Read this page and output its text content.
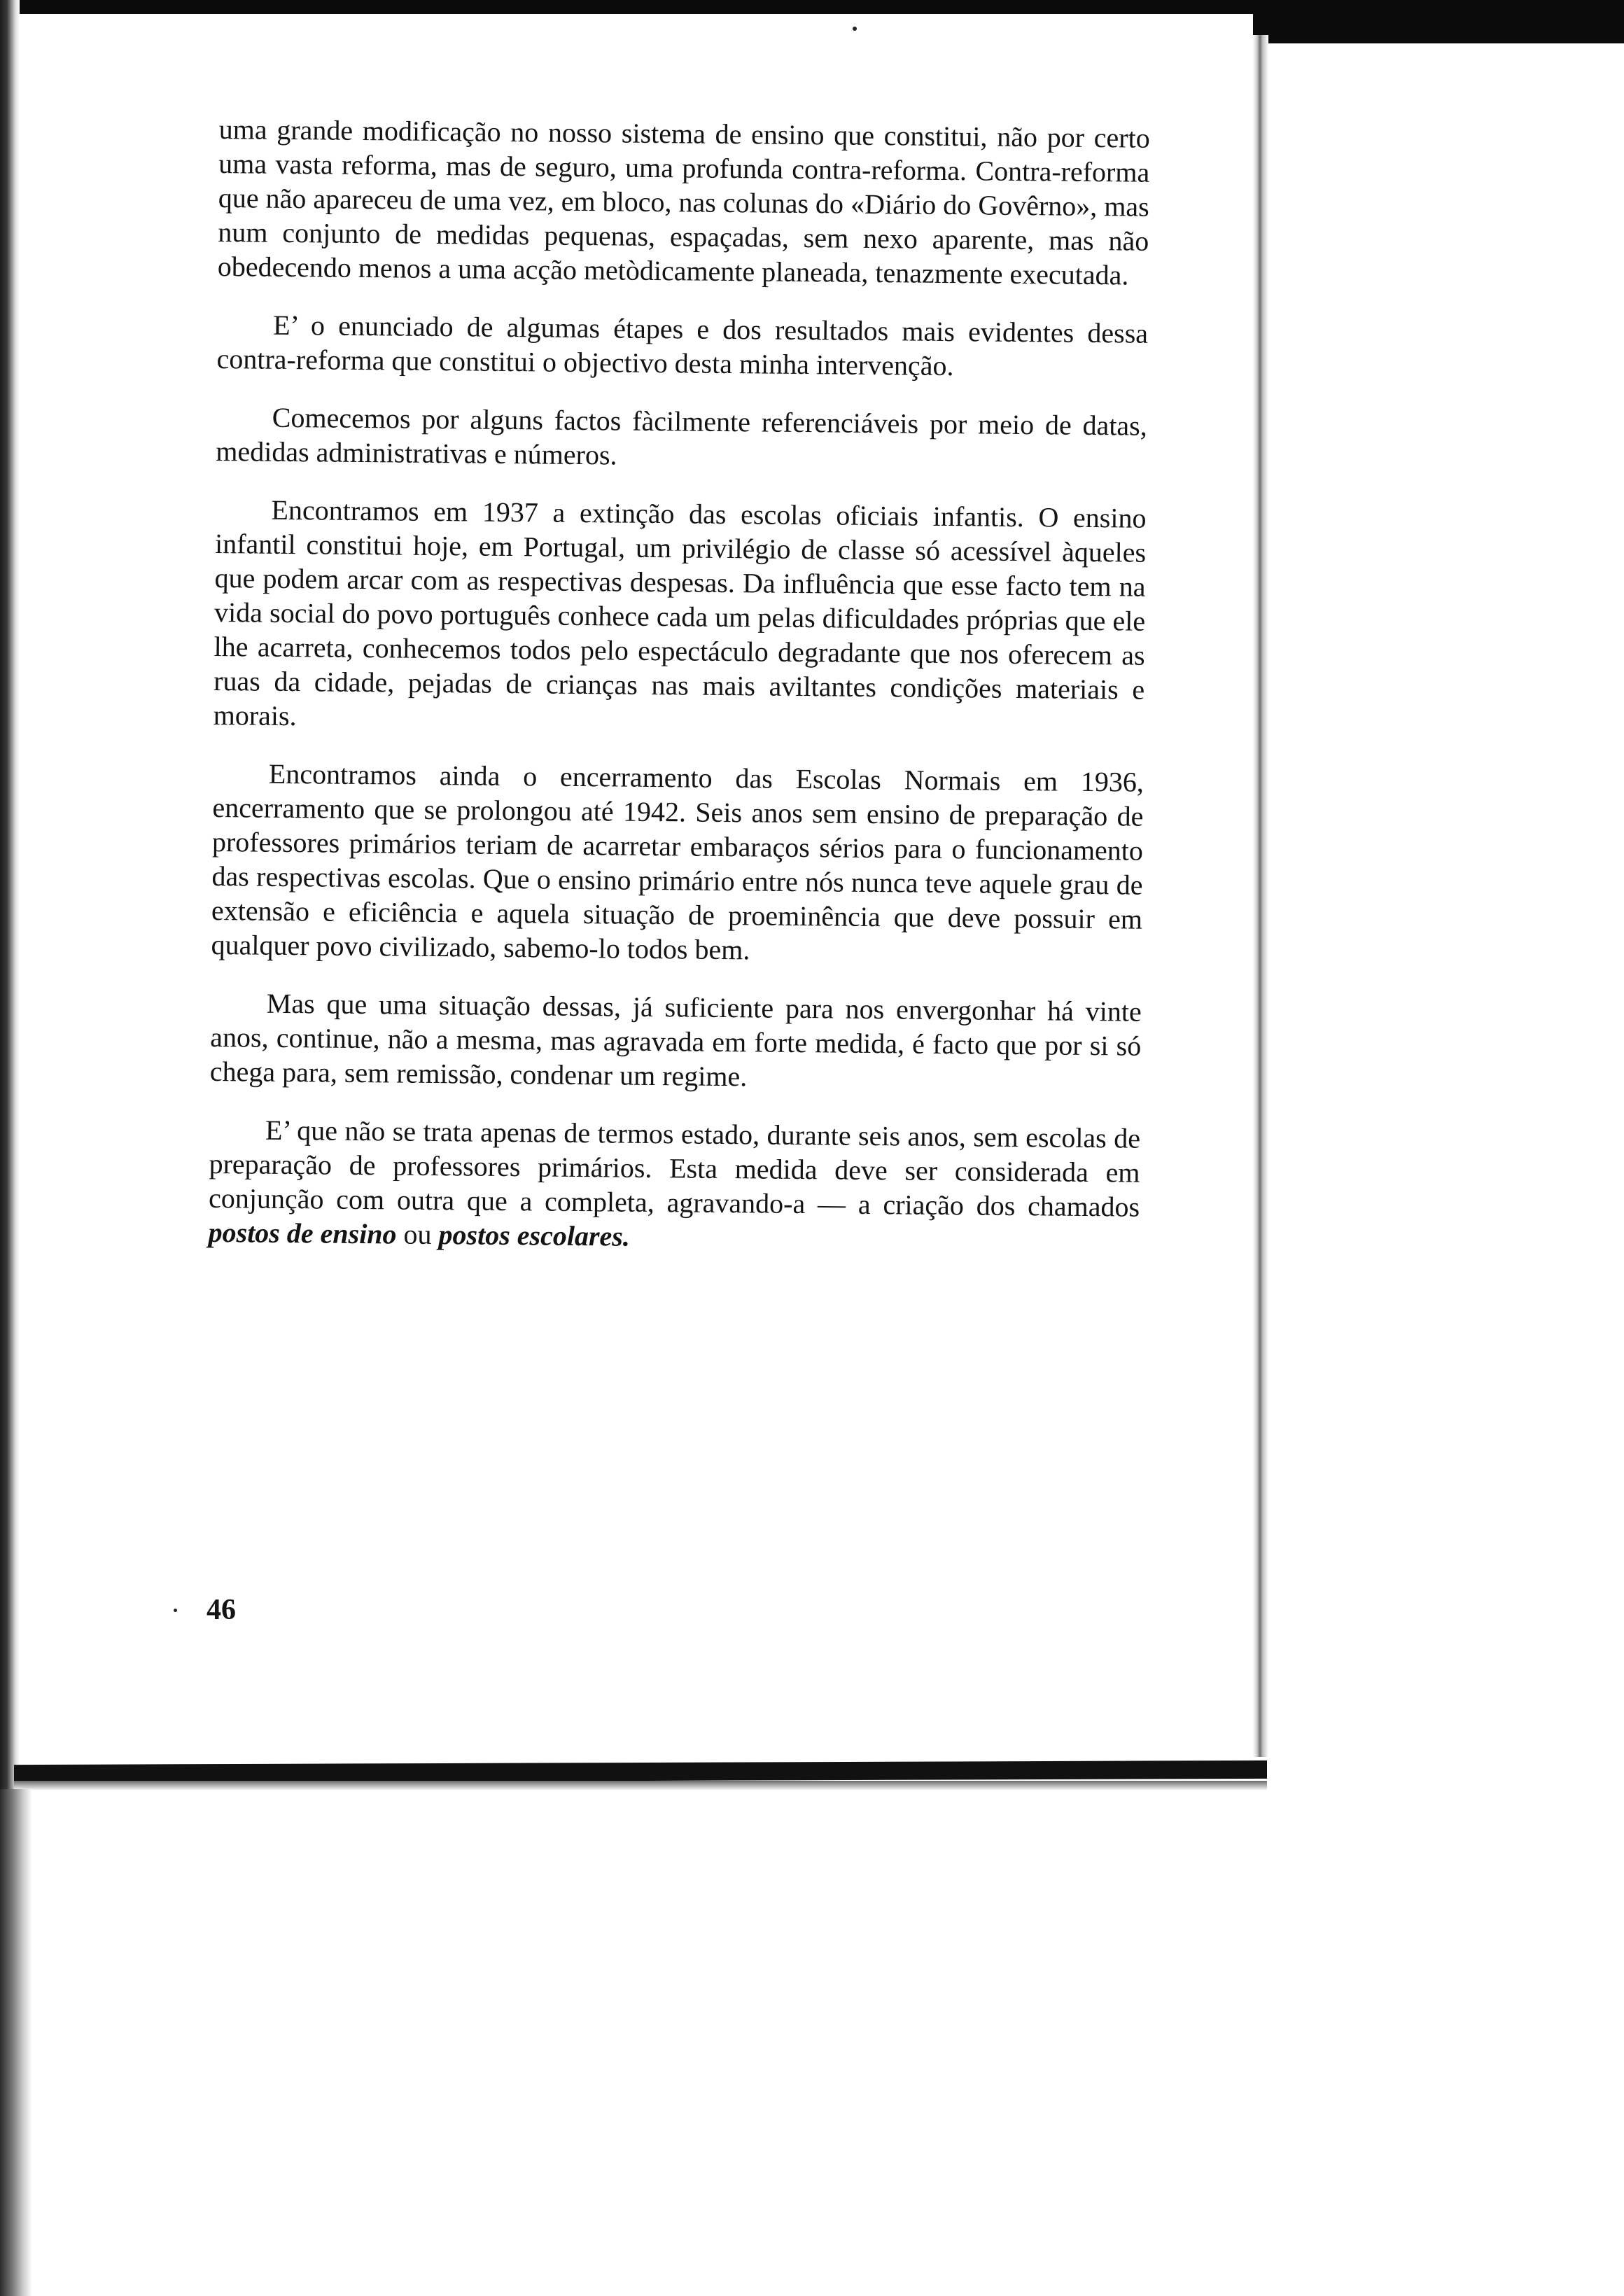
uma grande modificação no nosso sistema de ensino que constitui, não por certo uma vasta reforma, mas de seguro, uma profunda contra-reforma. Contra-reforma que não apareceu de uma vez, em bloco, nas colunas do «Diário do Govêrno», mas num conjunto de medidas pequenas, espaçadas, sem nexo aparente, mas não obedecendo menos a uma acção metòdicamente planeada, tenazmente executada.

E’ o enunciado de algumas étapes e dos resultados mais evidentes dessa contra-reforma que constitui o objectivo desta minha intervenção.

Comecemos por alguns factos fàcilmente referenciáveis por meio de datas, medidas administrativas e números.

Encontramos em 1937 a extinção das escolas oficiais infantis. O ensino infantil constitui hoje, em Portugal, um privilégio de classe só acessível àqueles que podem arcar com as respectivas despesas. Da influência que esse facto tem na vida social do povo português conhece cada um pelas dificuldades próprias que ele lhe acarreta, conhecemos todos pelo espectáculo degradante que nos oferecem as ruas da cidade, pejadas de crianças nas mais aviltantes condições materiais e morais.

Encontramos ainda o encerramento das Escolas Normais em 1936, encerramento que se prolongou até 1942. Seis anos sem ensino de preparação de professores primários teriam de acarretar embaraços sérios para o funcionamento das respectivas escolas. Que o ensino primário entre nós nunca teve aquele grau de extensão e eficiência e aquela situação de proeminência que deve possuir em qualquer povo civilizado, sabemo-lo todos bem.

Mas que uma situação dessas, já suficiente para nos envergonhar há vinte anos, continue, não a mesma, mas agravada em forte medida, é facto que por si só chega para, sem remissão, condenar um regime.

E’ que não se trata apenas de termos estado, durante seis anos, sem escolas de preparação de professores primários. Esta medida deve ser considerada em conjunção com outra que a completa, agravando-a — a criação dos chamados postos de ensino ou postos escolares.

46
